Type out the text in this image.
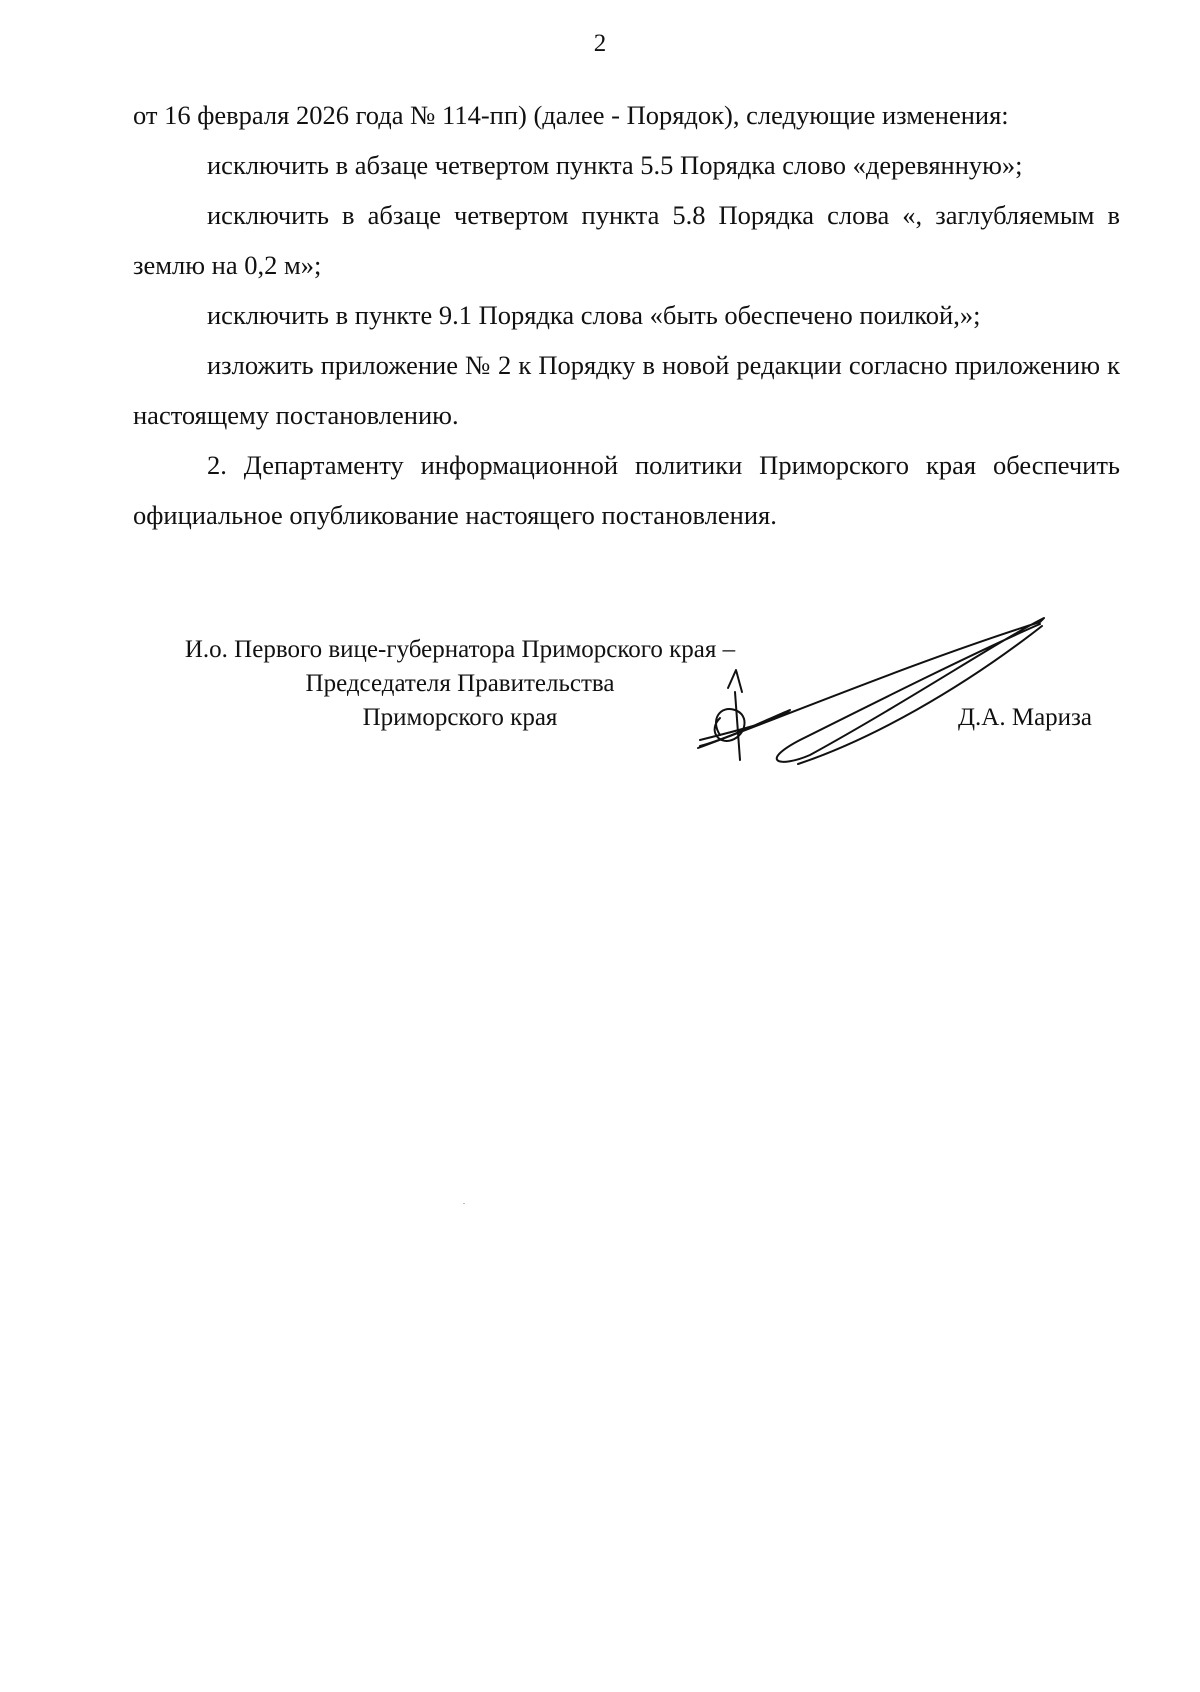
2

от 16 февраля 2026 года № 114-пп) (далее - Порядок), следующие изменения:

исключить в абзаце четвертом пункта 5.5 Порядка слово «деревянную»;

исключить в абзаце четвертом пункта 5.8 Порядка слова «, заглубляемым в землю на 0,2 м»;

исключить в пункте 9.1 Порядка слова «быть обеспечено поилкой,»;

изложить приложение № 2 к Порядку в новой редакции согласно приложению к настоящему постановлению.

2. Департаменту информационной политики Приморского края обеспечить официальное опубликование настоящего постановления.

И.о. Первого вице-губернатора Приморского края –
Председателя Правительства
Приморского края	Д.А. Мариза
